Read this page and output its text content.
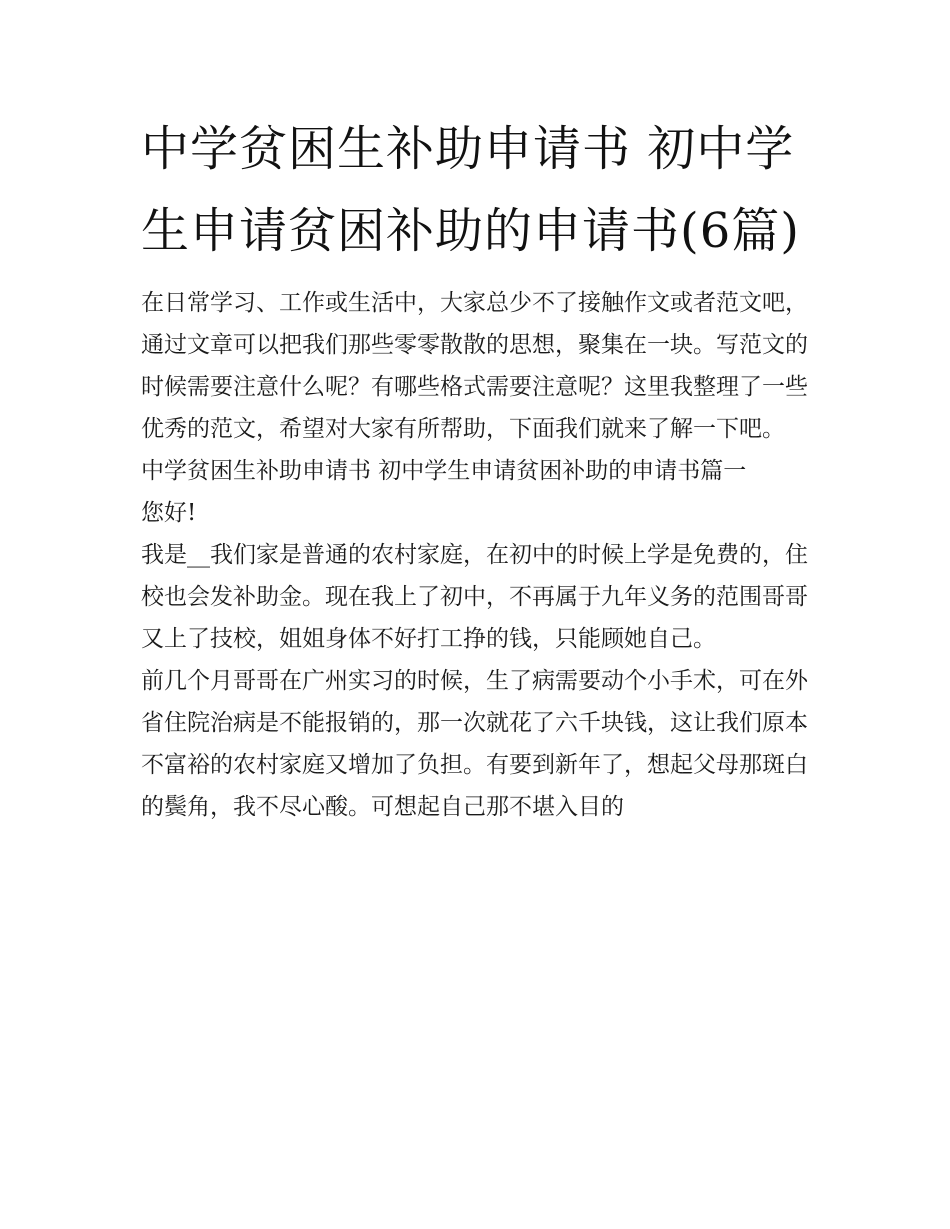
中学贫困生补助申请书 初中学生申请贫困补助的申请书(6篇)

在日常学习、工作或生活中，大家总少不了接触作文或者范文吧，通过文章可以把我们那些零零散散的思想，聚集在一块。写范文的时候需要注意什么呢？有哪些格式需要注意呢？这里我整理了一些优秀的范文，希望对大家有所帮助，下面我们就来了解一下吧。

中学贫困生补助申请书 初中学生申请贫困补助的申请书篇一

您好!

我是__我们家是普通的农村家庭，在初中的时候上学是免费的，住校也会发补助金。现在我上了初中，不再属于九年义务的范围哥哥又上了技校，姐姐身体不好打工挣的钱，只能顾她自己。

前几个月哥哥在广州实习的时候，生了病需要动个小手术，可在外省住院治病是不能报销的，那一次就花了六千块钱，这让我们原本不富裕的农村家庭又增加了负担。有要到新年了，想起父母那斑白的鬓角，我不尽心酸。可想起自己那不堪入目的
